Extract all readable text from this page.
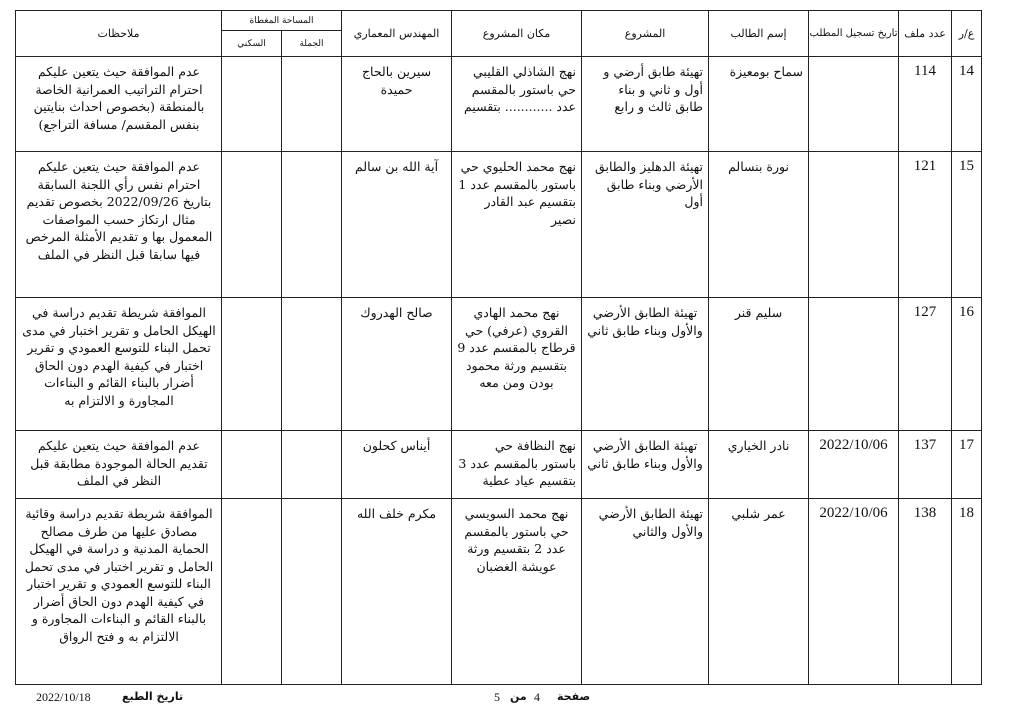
ع/ر	عدد ملف	تاريخ تسجيل المطلب	إسم الطالب	المشروع	مكان المشروع	المهندس المعماري	المساحة المغطاة		ملاحظات
							الجملة	السكني	
14	114		سماح بومعيزة	تهيئة طابق أرضي و أول و ثاني و بناء طابق ثالث و رابع	نهج الشاذلي القليبي حي باستور بالمقسم عدد ............ بتقسيم	سيرين بالحاج حميدة			عدم الموافقة حيث يتعين عليكم احترام التراتيب العمرانية الخاصة بالمنطقة (بخصوص احداث بنايتين بنفس المقسم/ مسافة التراجع)
15	121		نورة بنسالم	تهيئة الدهليز والطابق الأرضي وبناء طابق أول	نهج محمد الحليوي حي باستور بالمقسم عدد 1 بتقسيم عبد القادر نصير	آية الله بن سالم			عدم الموافقة حيث يتعين عليكم احترام نفس رأي اللجنة السابقة بتاريخ 2022/09/26 بخصوص تقديم مثال ارتكاز حسب المواصفات المعمول بها و تقديم الأمثلة المرخص فيها سابقا قبل النظر في الملف
16	127		سليم قنر	تهيئة الطابق الأرضي والأول وبناء طابق ثاني	نهج محمد الهادي القروي (عرفي) حي قرطاج بالمقسم عدد 9 بتقسيم ورثة محمود بودن ومن معه	صالح الهدروك			الموافقة شريطة تقديم دراسة في الهيكل الحامل و تقرير اختبار في مدى تحمل البناء للتوسع العمودي و تقرير اختبار في كيفية الهدم دون الحاق أضرار بالبناء القائم و البناءات المجاورة و الالتزام به
17	137	2022/10/06	نادر الخياري	تهيئة الطابق الأرضي والأول وبناء طابق ثاني	نهج النظافة حي باستور بالمقسم عدد 3 بتقسيم عياد عطية	أيناس كحلون			عدم الموافقة حيث يتعين عليكم تقديم الحالة الموجودة مطابقة قبل النظر في الملف
18	138	2022/10/06	عمر شلبي	تهيئة الطابق الأرضي والأول والثاني	نهج محمد السويسي حي باستور بالمقسم عدد 2 بتقسيم ورثة عويشة الغضبان	مكرم خلف الله			الموافقة شريطة تقديم دراسة وقائية مصادق عليها من طرف مصالح الحماية المدنية و دراسة في الهيكل الحامل و تقرير اختبار في مدى تحمل البناء للتوسع العمودي و تقرير اختبار في كيفية الهدم دون الحاق أضرار بالبناء القائم و البناءات المجاورة و الالتزام به و فتح الرواق
2022/10/18	تاريخ الطبع	5 من 4 صفحة
